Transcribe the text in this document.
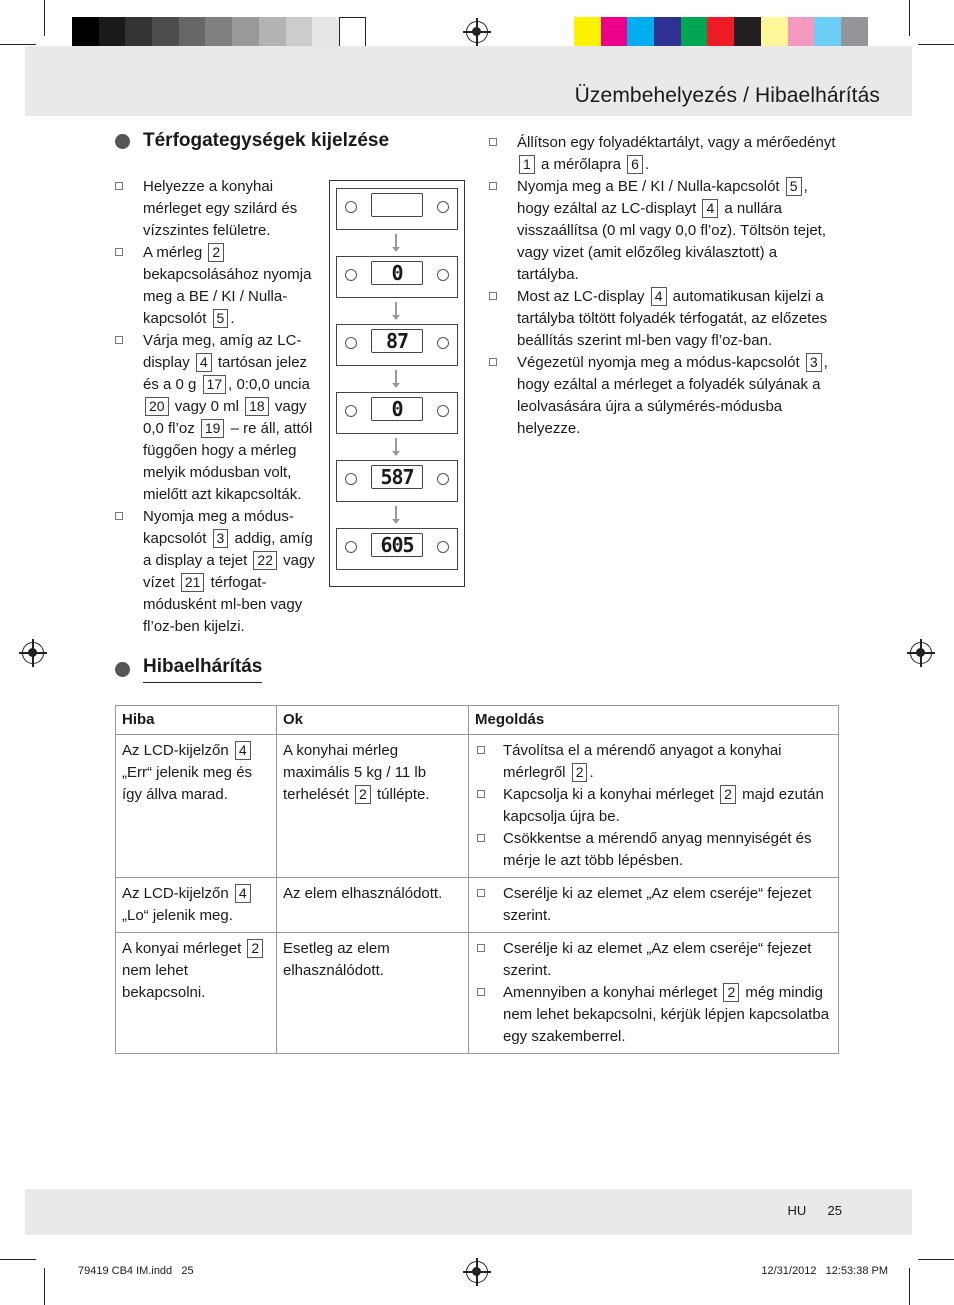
Üzembehelyezés / Hibaelhárítás
Térfogategységek kijelzése
Helyezze a konyhai mérleget egy szilárd és vízszintes felületre.
A mérleg 2 bekapcsolásához nyomja meg a BE / KI / Nulla-kapcsolót 5 .
Várja meg, amíg az LC-display 4 tartósan jelez és a 0 g 17 , 0:0,0 uncia 20 vagy 0 ml 18 vagy 0,0 fl’oz 19 – re áll, attól függően hogy a mérleg melyik módusban volt, mielőtt azt kikapcsolták.
Nyomja meg a módus-kapcsolót 3 addig, amíg a display a tejet 22 vagy vízet 21 térfogat-módusként ml-ben vagy fl’oz-ben kijelzi.
Állítson egy folyadéktartályt, vagy a mérőedényt 1 a mérőlapra 6 .
Nyomja meg a BE / KI / Nulla-kapcsolót 5 , hogy ezáltal az LC-displayt 4 a nullára visszaállítsa (0 ml vagy 0,0 fl’oz). Töltsön tejet, vagy vizet (amit előzőleg kiválasztott) a tartályba.
Most az LC-display 4 automatikusan kijelzi a tartályba töltött folyadék térfogatát, az előzetes beállítás szerint ml-ben vagy fl’oz-ban.
Végezetül nyomja meg a módus-kapcsolót 3 , hogy ezáltal a mérleget a folyadék súlyának a leolvasására újra a súlymérés-módusba helyezze.
0
87
0
587
605
Hibaelhárítás
Hiba	Ok	Megoldás
Az LCD-kijelzőn 4 „Err“ jelenik meg és így állva marad.	A konyhai mérleg maximális 5 kg / 11 lb terhelését 2 túllépte.	Távolítsa el a mérendő anyagot a konyhai mérlegről 2 .
Kapcsolja ki a konyhai mérleget 2 majd ezután kapcsolja újra be.
Csökkentse a mérendő anyag mennyiségét és mérje le azt több lépésben.

Az LCD-kijelzőn 4 „Lo“ jelenik meg.	Az elem elhasználódott.	Cserélje ki az elemet „Az elem cseréje“ fejezet szerint.

A konyai mérleget 2 nem lehet bekapcsolni.	Esetleg az elem elhasználódott.	Cserélje ki az elemet „Az elem cseréje“ fejezet szerint.
Amennyiben a konyhai mérleget 2 még mindig nem lehet bekapcsolni, kérjük lépjen kapcsolatba egy szakemberrel.
HU 25
79419 CB4 IM.indd   25	12/31/2012   12:53:38 PM
